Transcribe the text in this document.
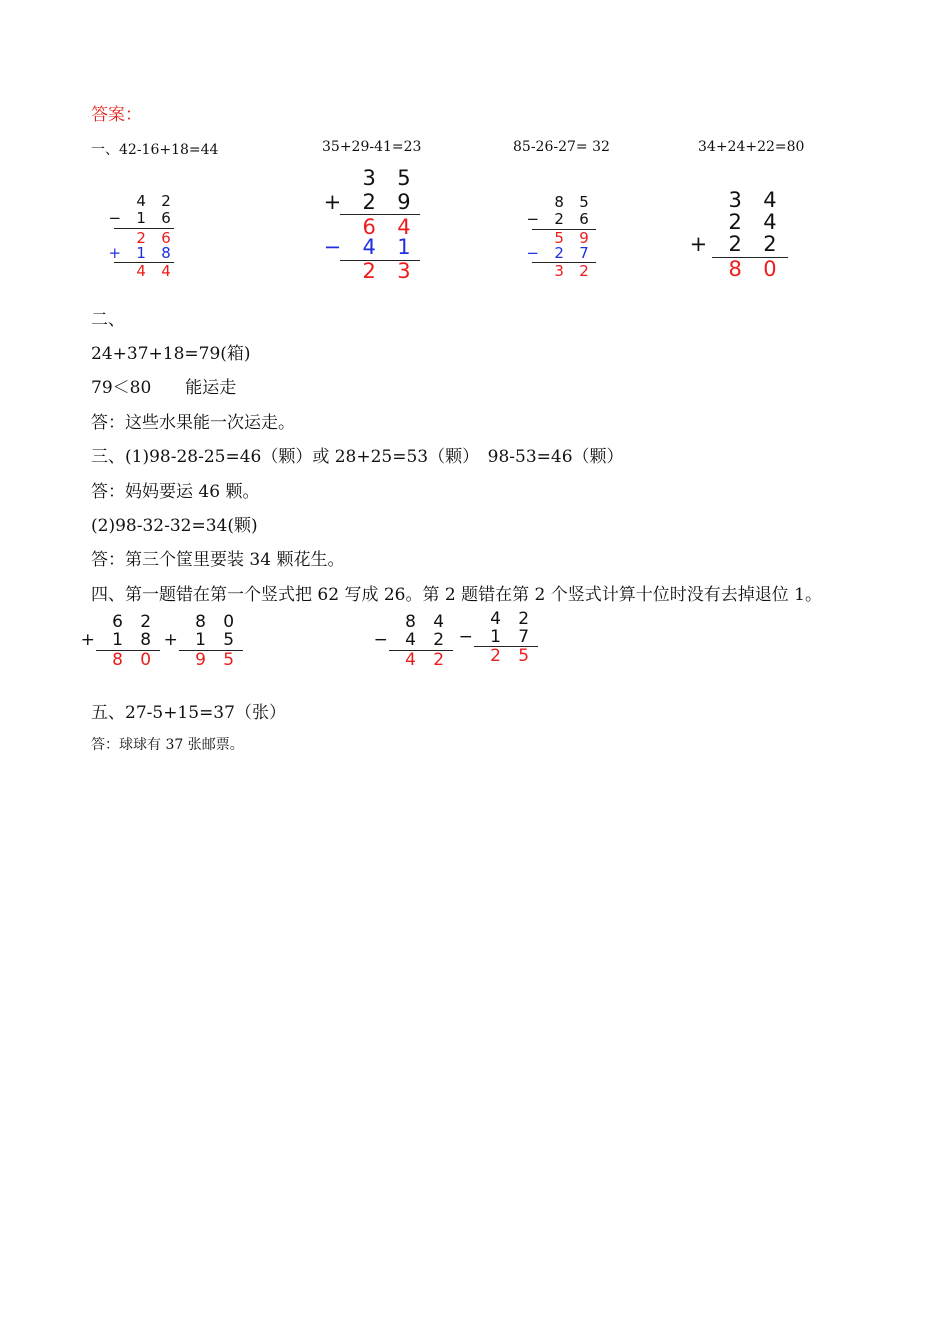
答案：
一、42-16+18=44	35+29-41=23	85-26-27= 32	34+24+22=80
4 2
− 1 6
2 6
+ 1 8
4 4
3 5
+ 2 9
6 4
− 4 1
2 3
8 5
− 2 6
5 9
− 2 7
3 2
3 4
2 4
+ 2 2
8 0
二、
24+37+18=79(箱)
79＜80　　能运走
答：这些水果能一次运走。
三、(1)98-28-25=46（颗）或 28+25=53（颗）　98-53=46（颗）
答：妈妈要运 46 颗。
(2)98-32-32=34(颗)
答：第三个筐里要装 34 颗花生。
四、第一题错在第一个竖式把 62 写成 26。第 2 题错在第 2 个竖式计算十位时没有去掉退位 1。
6 2
+ 1 8
8 0
8 0
+ 1 5
9 5
8 4
− 4 2
4 2
4 2
− 1 7
2 5
五、27-5+15=37（张）
答：球球有 37 张邮票。
